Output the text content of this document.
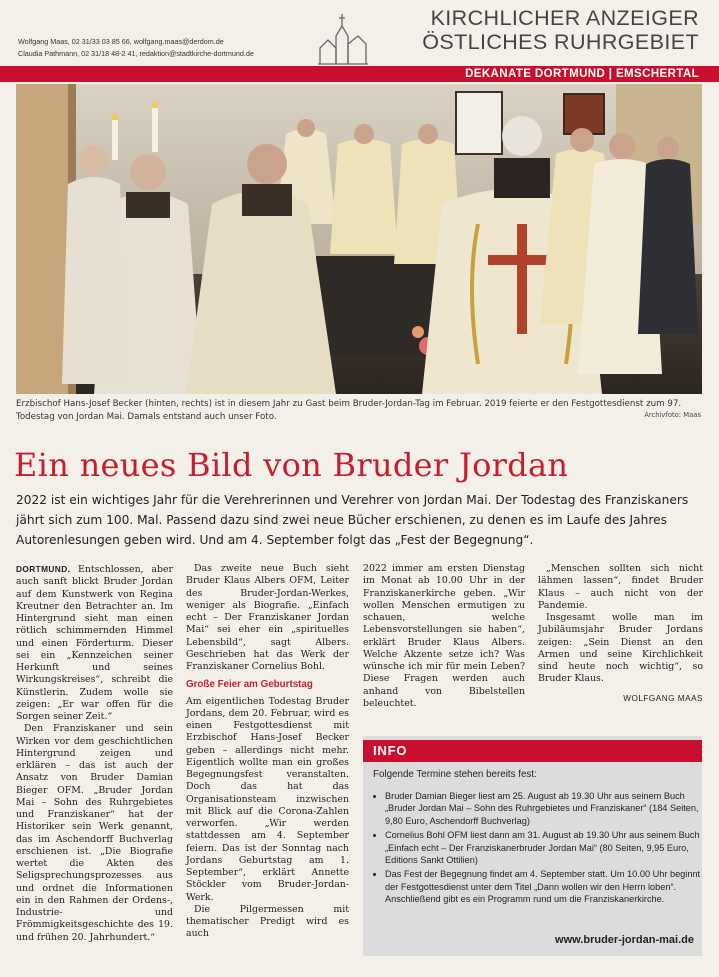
Wolfgang Maas, 02 31/33 03 85 66, wolfgang.maas@derdom.de
Claudia Pathmann, 02 31/18 48-2 41, redaktion@stadtkirche-dortmund.de
KIRCHLICHER ANZEIGER
ÖSTLICHES RUHRGEBIET
DEKANATE DORTMUND | EMSCHERTAL
Erzbischof Hans-Josef Becker (hinten, rechts) ist in diesem Jahr zu Gast beim Bruder-Jordan-Tag im Februar. 2019 feierte er den Festgottesdienst zum 97. Todestag von Jordan Mai. Damals entstand auch unser Foto.	Archivfoto: Maas
Ein neues Bild von Bruder Jordan
2022 ist ein wichtiges Jahr für die Verehrerinnen und Verehrer von Jordan Mai. Der Todestag des Franziskaners jährt sich zum 100. Mal. Passend dazu sind zwei neue Bücher erschienen, zu denen es im Laufe des Jahres Autorenlesungen geben wird. Und am 4. September folgt das „Fest der Begegnung“.

DORTMUND. Entschlossen, aber auch sanft blickt Bruder Jordan auf dem Kunstwerk von Regina Kreutner den Betrachter an. Im Hintergrund sieht man einen rötlich schimmernden Himmel und einen Förderturm. Dieser sei ein „Kennzeichen seiner Herkunft und seines Wirkungskreises“, schreibt die Künstlerin. Zudem wolle sie zeigen: „Er war offen für die Sorgen seiner Zeit.“

Den Franziskaner und sein Wirken vor dem geschichtlichen Hintergrund zeigen und erklären – das ist auch der Ansatz von Bruder Damian Bieger OFM. „Bruder Jordan Mai – Sohn des Ruhrgebietes und Franziskaner“ hat der Historiker sein Werk genannt, das im Aschendorff Buchverlag erschienen ist. „Die Biografie wertet die Akten des Seligsprechungsprozesses aus und ordnet die Informationen ein in den Rahmen der Ordens-, Industrie- und Frömmigkeitsgeschichte des 19. und frühen 20. Jahrhundert.“

Das zweite neue Buch sieht Bruder Klaus Albers OFM, Leiter des Bruder-Jordan-Werkes, weniger als Biografie. „Einfach echt – Der Franziskaner Jordan Mai“ sei eher ein „spirituelles Lebensbild“, sagt Albers. Geschrieben hat das Werk der Franziskaner Cornelius Bohl.

Große Feier am Geburtstag

Am eigentlichen Todestag Bruder Jordans, dem 20. Februar, wird es einen Festgottesdienst mit Erzbischof Hans-Josef Becker geben – allerdings nicht mehr. Eigentlich wollte man ein großes Begegnungsfest veranstalten. Doch das hat das Organisationsteam inzwischen mit Blick auf die Corona-Zahlen verworfen. „Wir werden stattdessen am 4. September feiern. Das ist der Sonntag nach Jordans Geburtstag am 1. September“, erklärt Annette Stöckler vom Bruder-Jordan-Werk.

Die Pilgermessen mit thematischer Predigt wird es auch

2022 immer am ersten Dienstag im Monat ab 10.00 Uhr in der Franziskanerkirche geben. „Wir wollen Menschen ermutigen zu schauen, welche Lebensvorstellungen sie haben“, erklärt Bruder Klaus Albers. Welche Akzente setze ich? Was wünsche ich mir für mein Leben? Diese Fragen werden auch anhand von Bibelstellen beleuchtet.

„Menschen sollten sich nicht lähmen lassen“, findet Bruder Klaus – auch nicht von der Pandemie.

Insgesamt wolle man im Jubiläumsjahr Bruder Jordans zeigen: „Sein Dienst an den Armen und seine Kirchlichkeit sind heute noch wichtig“, so Bruder Klaus.

WOLFGANG MAAS
INFO
Folgende Termine stehen bereits fest:
• Bruder Damian Bieger liest am 25. August ab 19.30 Uhr aus seinem Buch „Bruder Jordan Mai – Sohn des Ruhrgebietes und Franziskaner“ (184 Seiten, 9,80 Euro, Aschendorff Buchverlag)
• Cornelius Bohl OFM liest dann am 31. August ab 19.30 Uhr aus seinem Buch „Einfach echt – Der Franziskanerbruder Jordan Mai“ (80 Seiten, 9,95 Euro, Editions Sankt Ottilien)
• Das Fest der Begegnung findet am 4. September statt. Um 10.00 Uhr beginnt der Festgottesdienst unter dem Titel „Dann wollen wir den Herrn loben“. Anschließend gibt es ein Programm rund um die Franziskanerkirche.
www.bruder-jordan-mai.de
